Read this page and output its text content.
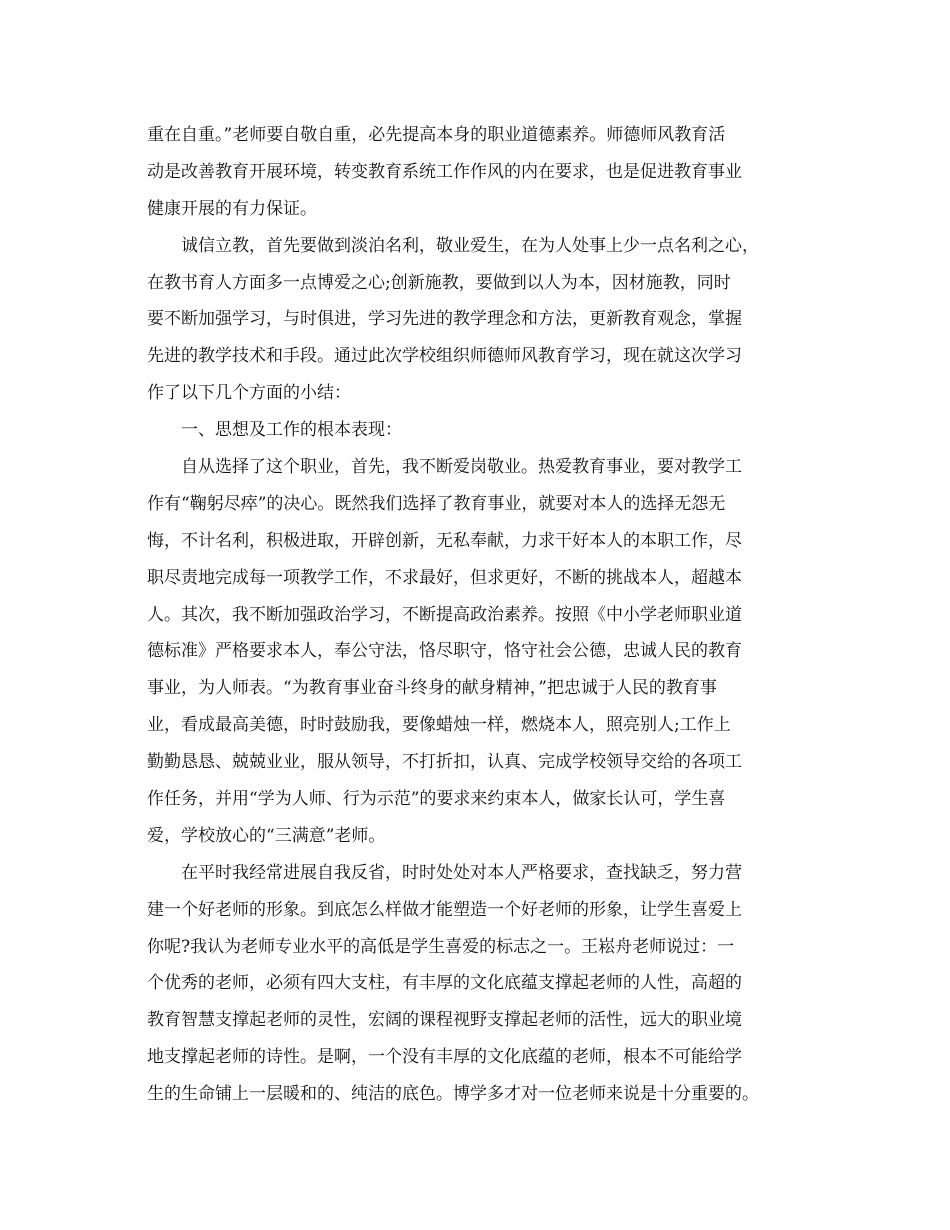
重在自重。”老师要自敬自重，必先提高本身的职业道德素养。师德师风教育活
动是改善教育开展环境，转变教育系统工作作风的内在要求，也是促进教育事业
健康开展的有力保证。
诚信立教，首先要做到淡泊名利，敬业爱生，在为人处事上少一点名利之心，
在教书育人方面多一点博爱之心;创新施教，要做到以人为本，因材施教，同时
要不断加强学习，与时俱进，学习先进的教学理念和方法，更新教育观念，掌握
先进的教学技术和手段。通过此次学校组织师德师风教育学习，现在就这次学习
作了以下几个方面的小结：
一、思想及工作的根本表现：
自从选择了这个职业，首先，我不断爱岗敬业。热爱教育事业，要对教学工
作有“鞠躬尽瘁”的决心。既然我们选择了教育事业，就要对本人的选择无怨无
悔，不计名利，积极进取，开辟创新，无私奉献，力求干好本人的本职工作，尽
职尽责地完成每一项教学工作，不求最好，但求更好，不断的挑战本人，超越本
人。其次，我不断加强政治学习，不断提高政治素养。按照《中小学老师职业道
德标准》严格要求本人，奉公守法，恪尽职守，恪守社会公德，忠诚人民的教育
事业，为人师表。“为教育事业奋斗终身的献身精神，”把忠诚于人民的教育事
业，看成最高美德，时时鼓励我，要像蜡烛一样，燃烧本人，照亮别人;工作上
勤勤恳恳、兢兢业业，服从领导，不打折扣，认真、完成学校领导交给的各项工
作任务，并用“学为人师、行为示范”的要求来约束本人，做家长认可，学生喜
爱，学校放心的“三满意”老师。
在平时我经常进展自我反省，时时处处对本人严格要求，查找缺乏，努力营
建一个好老师的形象。到底怎么样做才能塑造一个好老师的形象，让学生喜爱上
你呢?我认为老师专业水平的高低是学生喜爱的标志之一。王崧舟老师说过：一
个优秀的老师，必须有四大支柱，有丰厚的文化底蕴支撑起老师的人性，高超的
教育智慧支撑起老师的灵性，宏阔的课程视野支撑起老师的活性，远大的职业境
地支撑起老师的诗性。是啊，一个没有丰厚的文化底蕴的老师，根本不可能给学
生的生命铺上一层暖和的、纯洁的底色。博学多才对一位老师来说是十分重要的。
